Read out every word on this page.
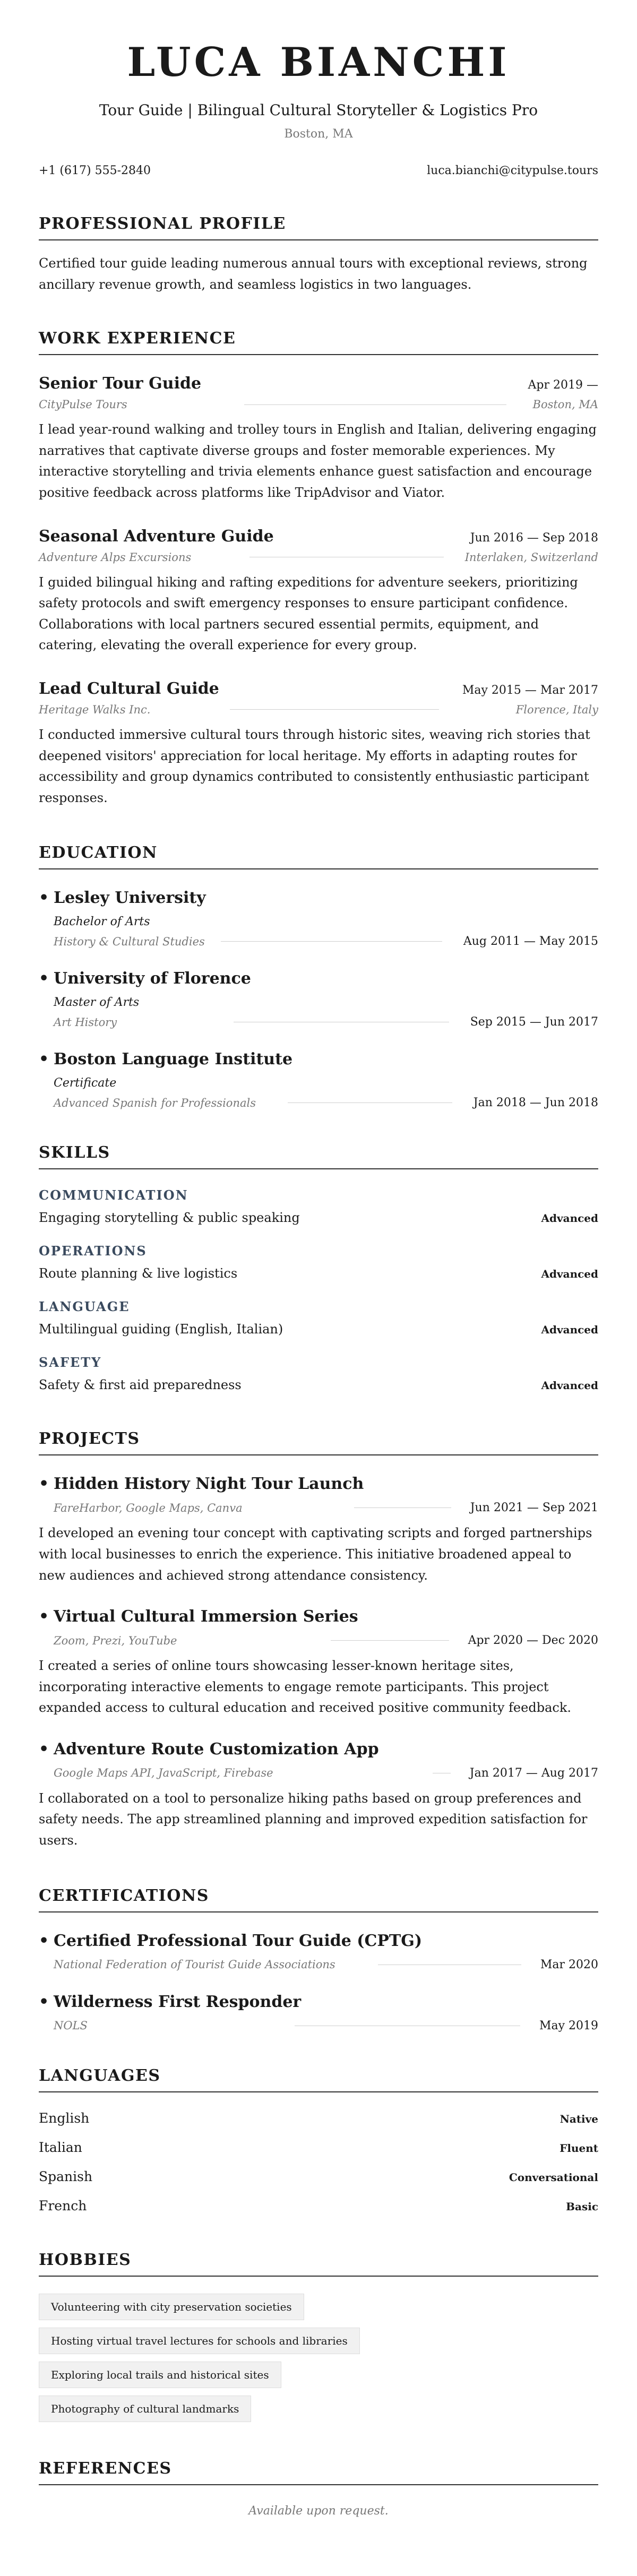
LUCA BIANCHI
Tour Guide | Bilingual Cultural Storyteller & Logistics Pro
Boston, MA
+1 (617) 555-2840	luca.bianchi@citypulse.tours
PROFESSIONAL PROFILE
Certified tour guide leading numerous annual tours with exceptional reviews, strong ancillary revenue growth, and seamless logistics in two languages.
WORK EXPERIENCE
Senior Tour Guide	Apr 2019 —
CityPulse Tours	Boston, MA
I lead year-round walking and trolley tours in English and Italian, delivering engaging narratives that captivate diverse groups and foster memorable experiences. My interactive storytelling and trivia elements enhance guest satisfaction and encourage positive feedback across platforms like TripAdvisor and Viator.
Seasonal Adventure Guide	Jun 2016 — Sep 2018
Adventure Alps Excursions	Interlaken, Switzerland
I guided bilingual hiking and rafting expeditions for adventure seekers, prioritizing safety protocols and swift emergency responses to ensure participant confidence. Collaborations with local partners secured essential permits, equipment, and catering, elevating the overall experience for every group.
Lead Cultural Guide	May 2015 — Mar 2017
Heritage Walks Inc.	Florence, Italy
I conducted immersive cultural tours through historic sites, weaving rich stories that deepened visitors' appreciation for local heritage. My efforts in adapting routes for accessibility and group dynamics contributed to consistently enthusiastic participant responses.
EDUCATION
• Lesley University
Bachelor of Arts
History & Cultural Studies	Aug 2011 — May 2015
• University of Florence
Master of Arts
Art History	Sep 2015 — Jun 2017
• Boston Language Institute
Certificate
Advanced Spanish for Professionals	Jan 2018 — Jun 2018
SKILLS
COMMUNICATION
Engaging storytelling & public speaking	Advanced
OPERATIONS
Route planning & live logistics	Advanced
LANGUAGE
Multilingual guiding (English, Italian)	Advanced
SAFETY
Safety & first aid preparedness	Advanced
PROJECTS
• Hidden History Night Tour Launch
FareHarbor, Google Maps, Canva	Jun 2021 — Sep 2021
I developed an evening tour concept with captivating scripts and forged partnerships with local businesses to enrich the experience. This initiative broadened appeal to new audiences and achieved strong attendance consistency.
• Virtual Cultural Immersion Series
Zoom, Prezi, YouTube	Apr 2020 — Dec 2020
I created a series of online tours showcasing lesser-known heritage sites, incorporating interactive elements to engage remote participants. This project expanded access to cultural education and received positive community feedback.
• Adventure Route Customization App
Google Maps API, JavaScript, Firebase	Jan 2017 — Aug 2017
I collaborated on a tool to personalize hiking paths based on group preferences and safety needs. The app streamlined planning and improved expedition satisfaction for users.
CERTIFICATIONS
• Certified Professional Tour Guide (CPTG)
National Federation of Tourist Guide Associations	Mar 2020
• Wilderness First Responder
NOLS	May 2019
LANGUAGES
English	Native
Italian	Fluent
Spanish	Conversational
French	Basic
HOBBIES
Volunteering with city preservation societies
Hosting virtual travel lectures for schools and libraries
Exploring local trails and historical sites
Photography of cultural landmarks
REFERENCES
Available upon request.
